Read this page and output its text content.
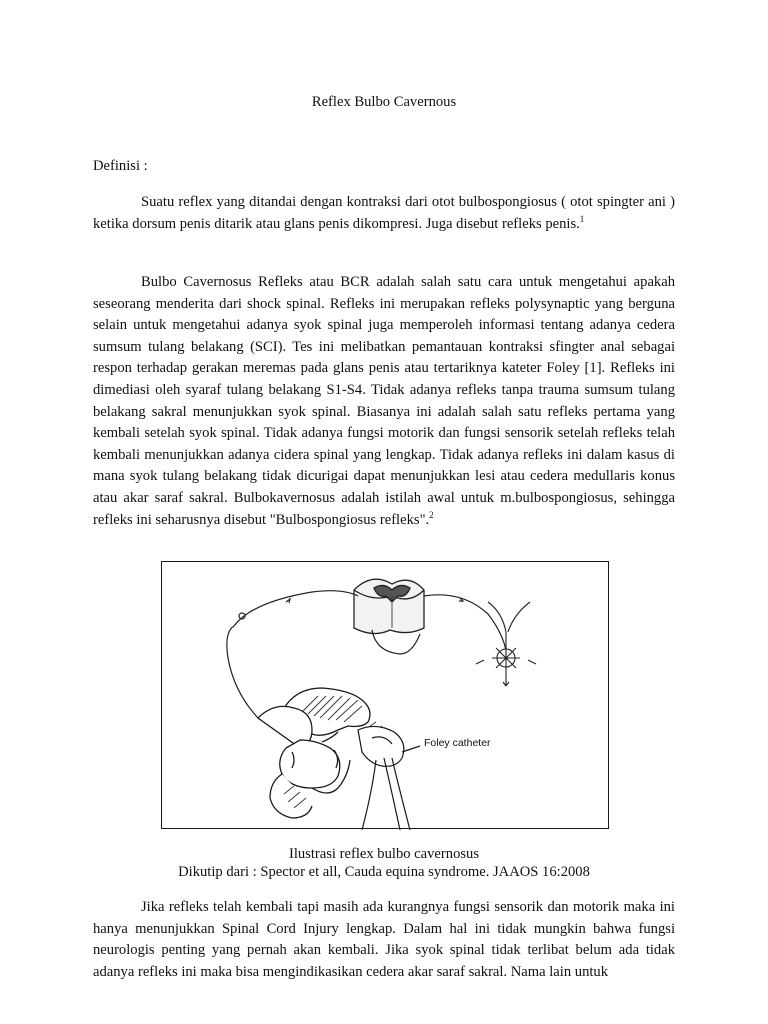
Reflex Bulbo Cavernous
Definisi :

Suatu reflex yang ditandai dengan kontraksi dari otot bulbospongiosus ( otot spingter ani ) ketika dorsum penis ditarik atau glans penis dikompresi. Juga disebut refleks penis.$^1$

Bulbo Cavernosus Refleks atau BCR adalah salah satu cara untuk mengetahui apakah seseorang menderita dari shock spinal. Refleks ini merupakan refleks polysynaptic yang berguna selain untuk mengetahui adanya syok spinal juga memperoleh informasi tentang adanya cedera sumsum tulang belakang (SCI). Tes ini melibatkan pemantauan kontraksi sfingter anal sebagai respon terhadap gerakan meremas pada glans penis atau tertariknya kateter Foley [1]. Refleks ini dimediasi oleh syaraf tulang belakang S1-S4. Tidak adanya refleks tanpa trauma sumsum tulang belakang sakral menunjukkan syok spinal. Biasanya ini adalah salah satu refleks pertama yang kembali setelah syok spinal. Tidak adanya fungsi motorik dan fungsi sensorik setelah refleks telah kembali menunjukkan adanya cidera spinal yang lengkap. Tidak adanya refleks ini dalam kasus di mana syok tulang belakang tidak dicurigai dapat menunjukkan lesi atau cedera medullaris konus atau akar saraf sakral. Bulbokavernosus adalah istilah awal untuk m.bulbospongiosus, sehingga refleks ini seharusnya disebut "Bulbospongiosus refleks".$^2$

Foley catheter
Ilustrasi reflex bulbo cavernosus
Dikutip dari : Spector et all, Cauda equina syndrome. JAAOS 16:2008

Jika refleks telah kembali tapi masih ada kurangnya fungsi sensorik dan motorik maka ini hanya menunjukkan Spinal Cord Injury lengkap. Dalam hal ini tidak mungkin bahwa fungsi neurologis penting yang pernah akan kembali. Jika syok spinal tidak terlibat belum ada tidak adanya refleks ini maka bisa mengindikasikan cedera akar saraf sakral. Nama lain untuk
